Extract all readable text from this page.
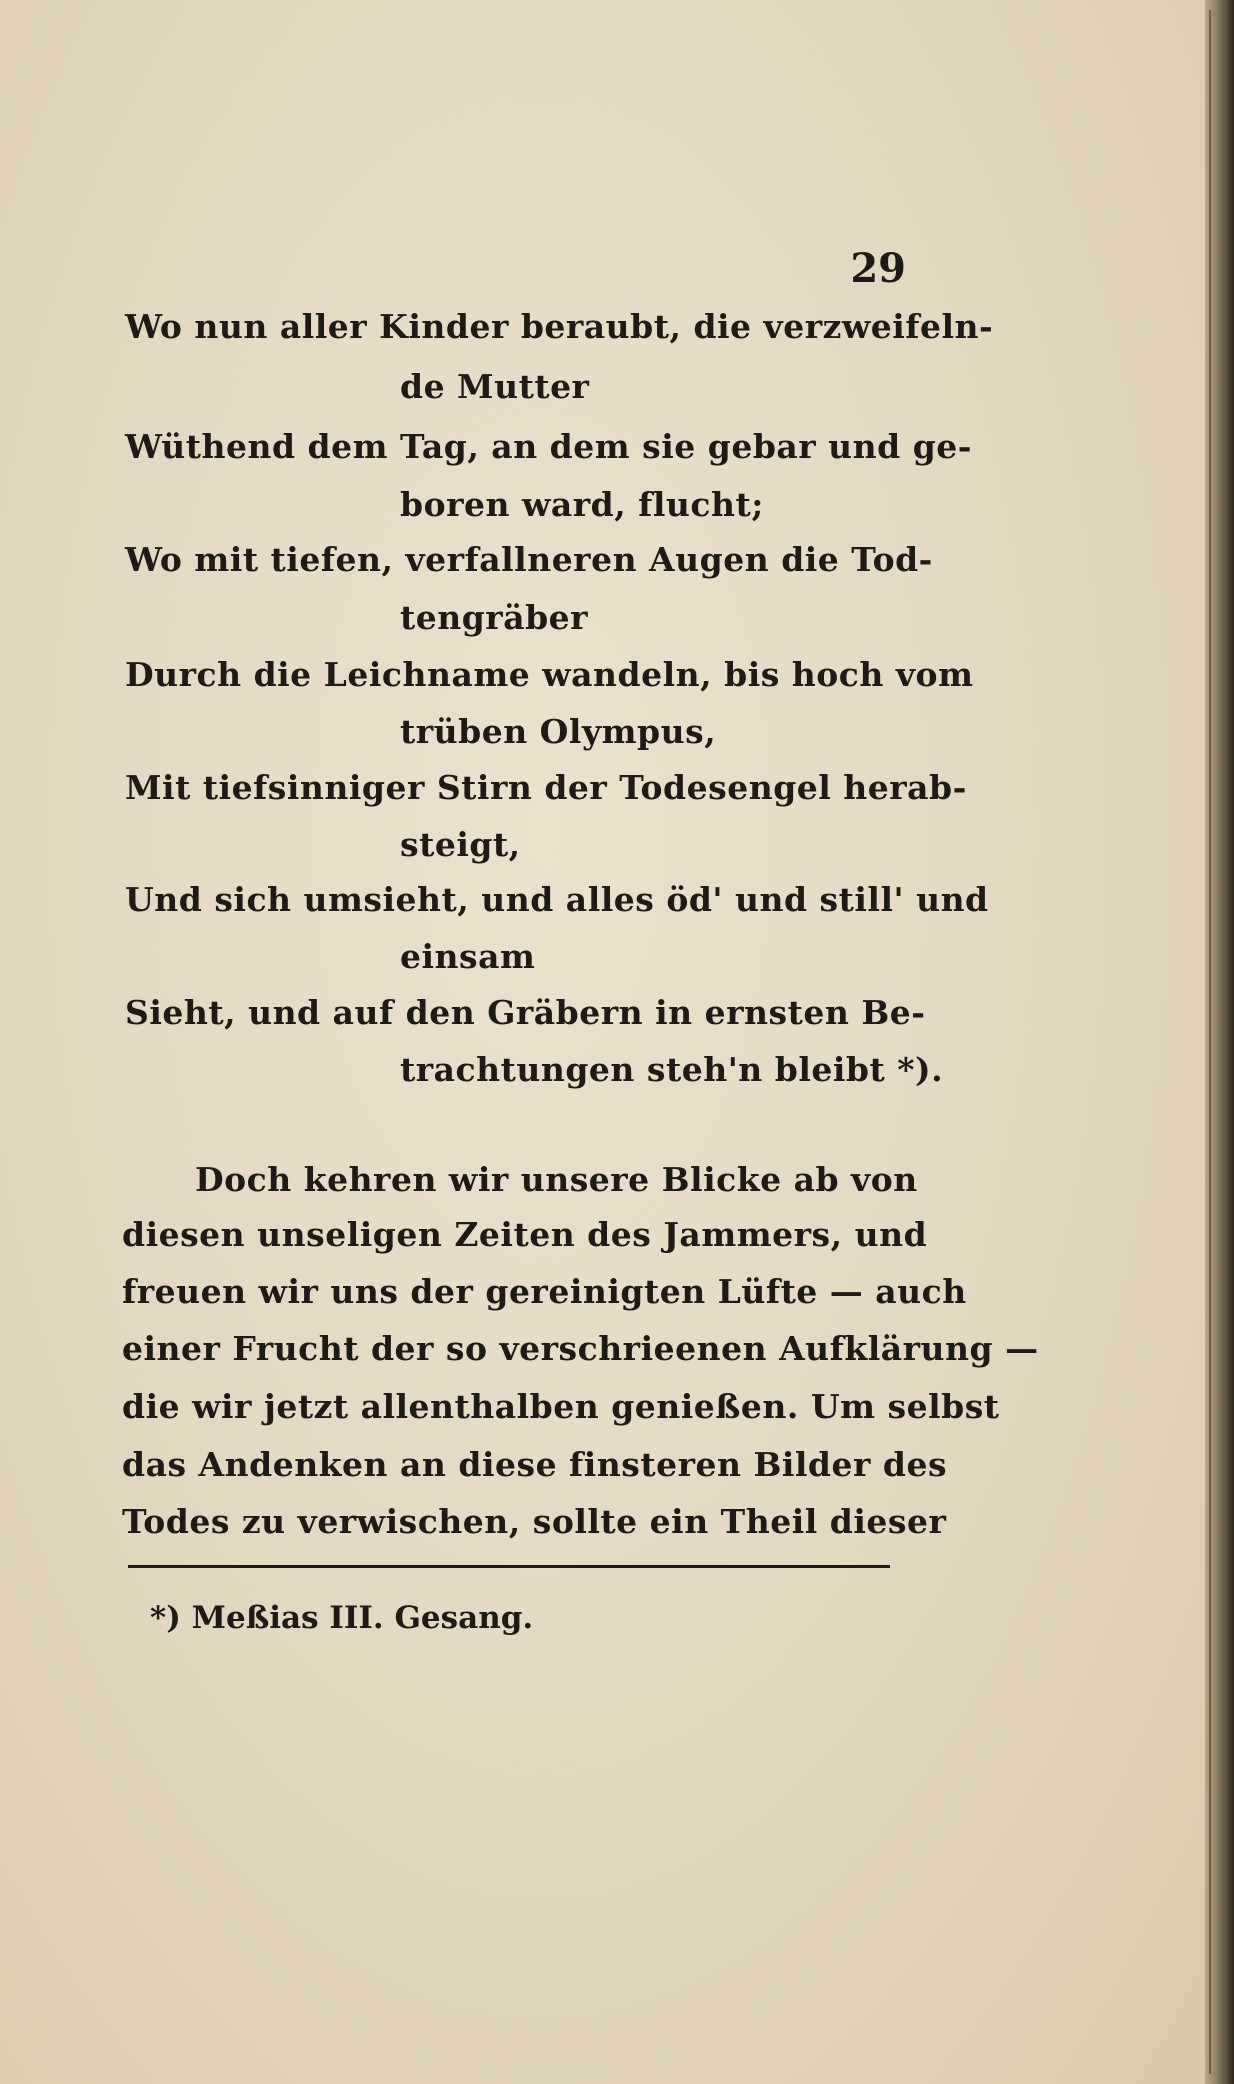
29
Wo nun aller Kinder beraubt, die verzweifeln-
de Mutter
Wüthend dem Tag, an dem sie gebar und ge-
boren ward, flucht;
Wo mit tiefen, verfallneren Augen die Tod-
tengräber
Durch die Leichname wandeln, bis hoch vom
trüben Olympus,
Mit tiefsinniger Stirn der Todesengel herab-
steigt,
Und sich umsieht, und alles öd' und still' und
einsam
Sieht, und auf den Gräbern in ernsten Be-
trachtungen steh'n bleibt *).
Doch kehren wir unsere Blicke ab von
diesen unseligen Zeiten des Jammers, und
freuen wir uns der gereinigten Lüfte — auch
einer Frucht der so verschrieenen Aufklärung —
die wir jetzt allenthalben genießen. Um selbst
das Andenken an diese finsteren Bilder des
Todes zu verwischen, sollte ein Theil dieser
*) Meßias III. Gesang.
